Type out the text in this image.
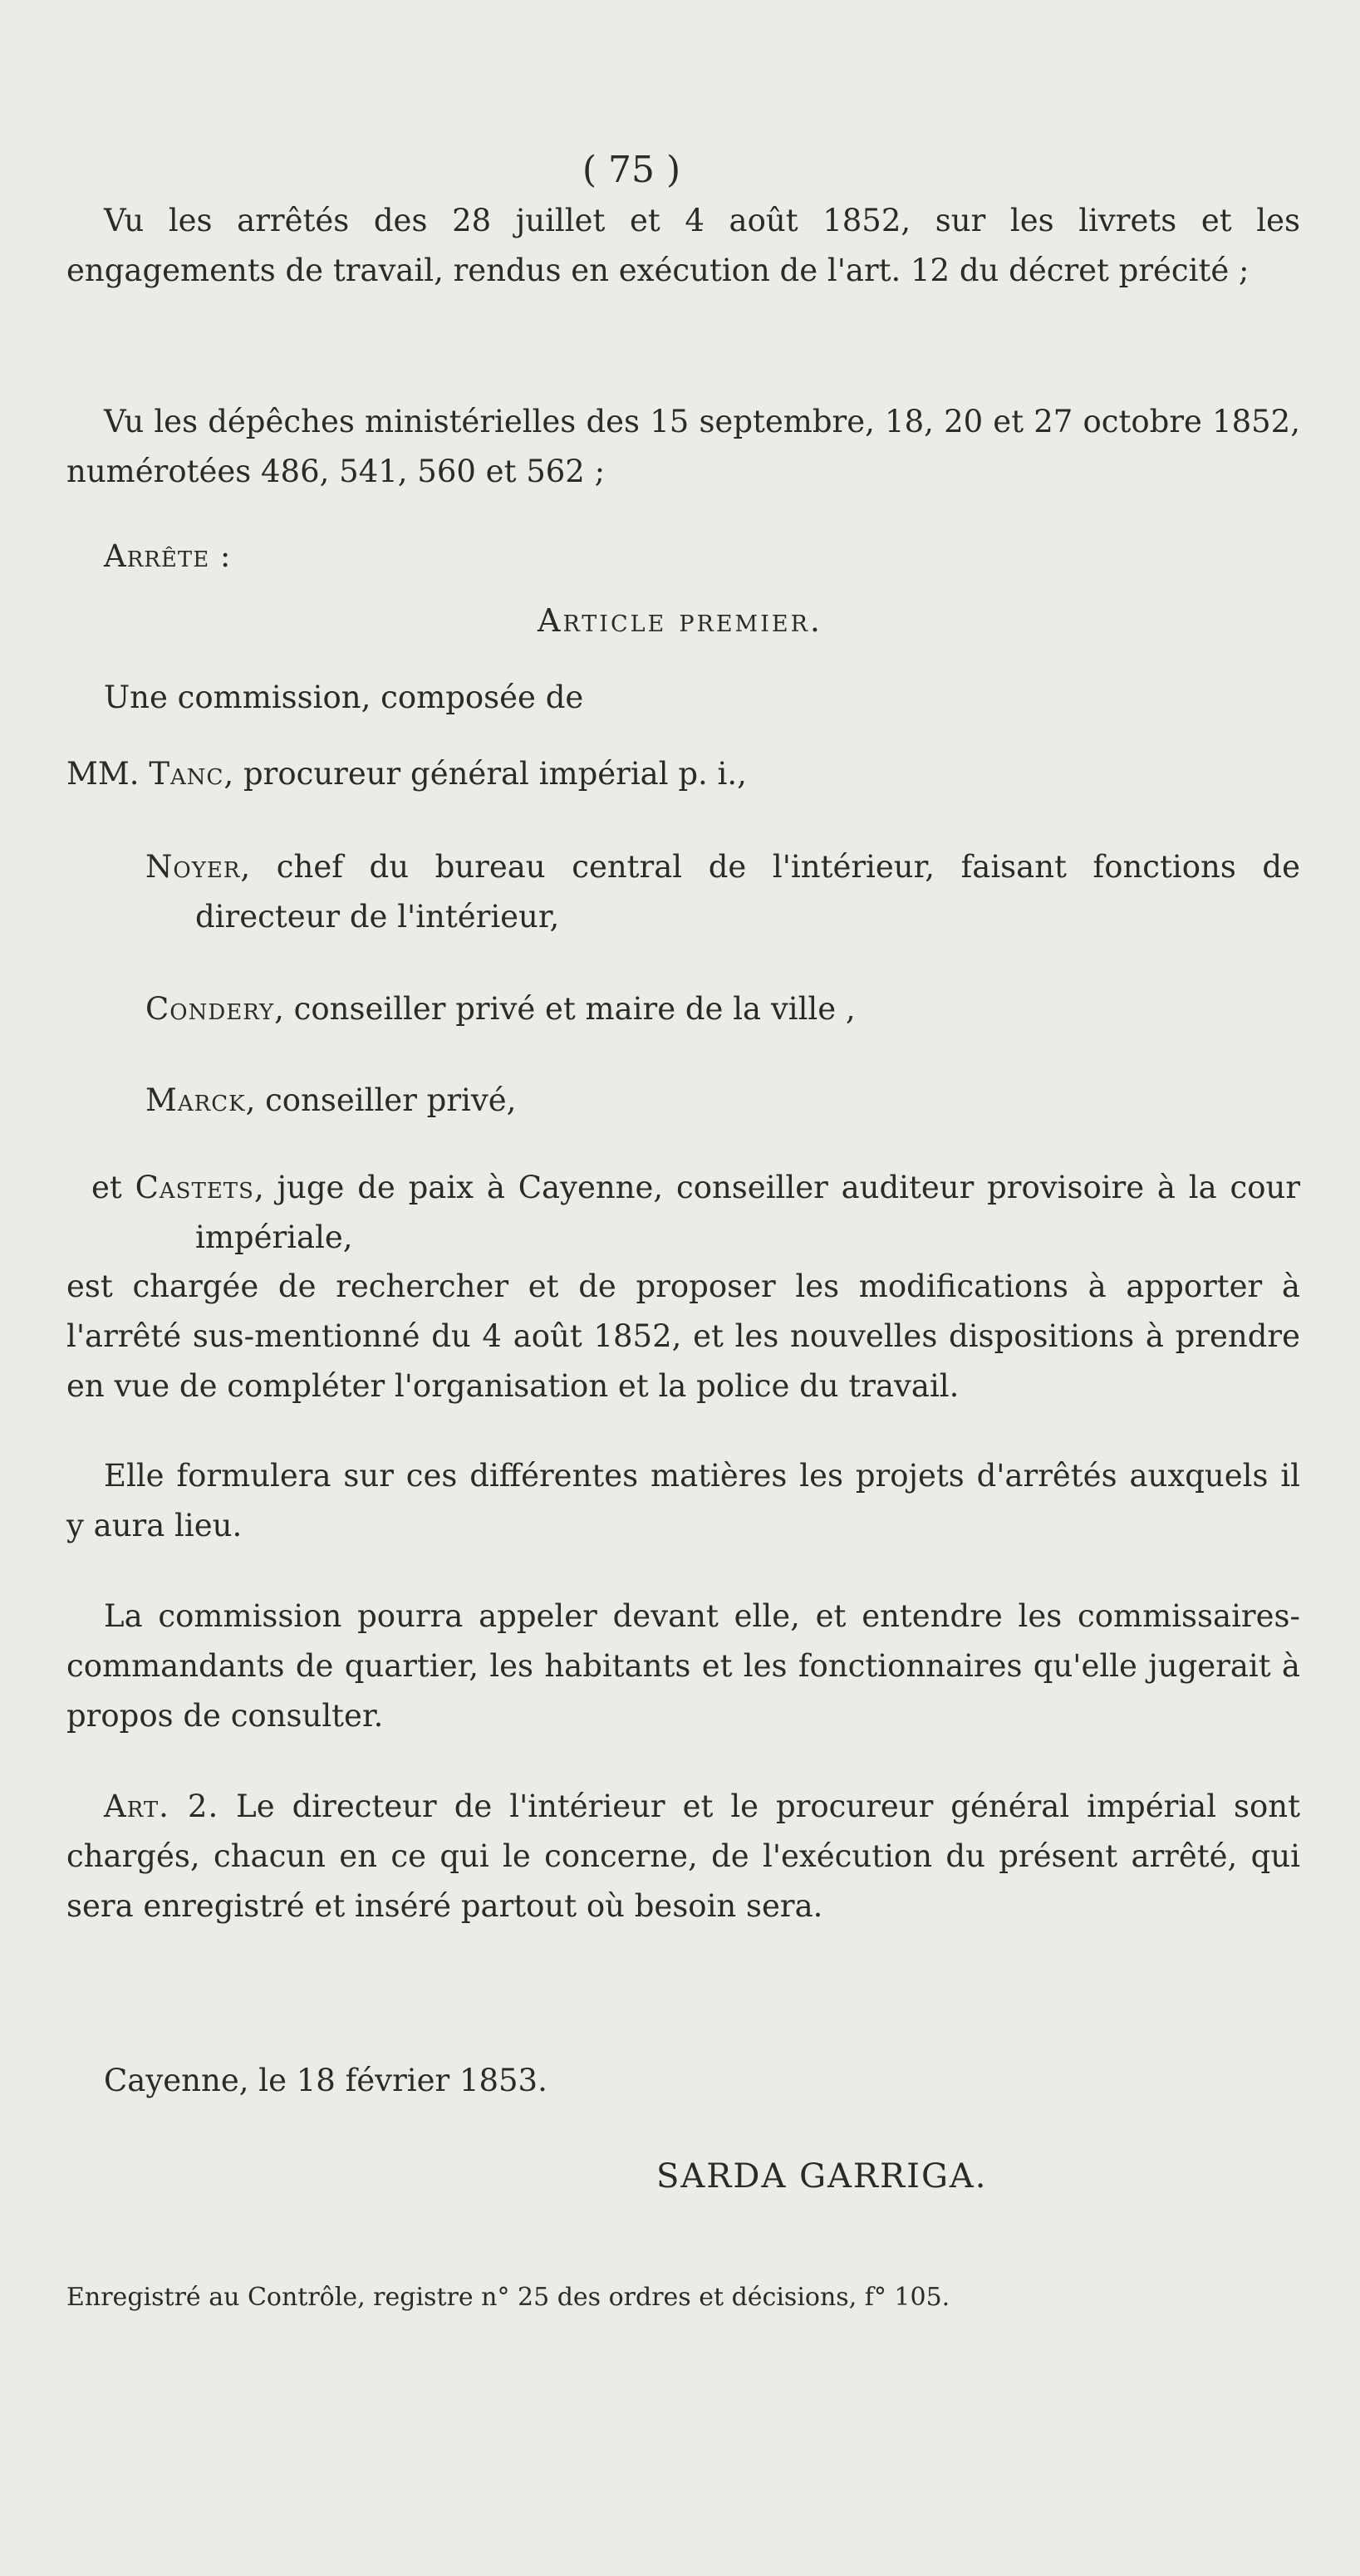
( 75 )

Vu les arrêtés des 28 juillet et 4 août 1852, sur les livrets et les engagements de travail, rendus en exécution de l'art. 12 du décret précité ;

Vu les dépêches ministérielles des 15 septembre, 18, 20 et 27 octobre 1852, numérotées 486, 541, 560 et 562 ;

Arrête :

Article premier.

Une commission, composée de

MM. Tanc, procureur général impérial p. i.,

Noyer, chef du bureau central de l'intérieur, faisant fonctions de directeur de l'intérieur,

Condery, conseiller privé et maire de la ville ,

Marck, conseiller privé,

et Castets, juge de paix à Cayenne, conseiller auditeur provisoire à la cour impériale,

est chargée de rechercher et de proposer les modifications à apporter à l'arrêté sus-mentionné du 4 août 1852, et les nouvelles dispositions à prendre en vue de compléter l'organisation et la police du travail.

Elle formulera sur ces différentes matières les projets d'arrêtés auxquels il y aura lieu.

La commission pourra appeler devant elle, et entendre les commissaires-commandants de quartier, les habitants et les fonctionnaires qu'elle jugerait à propos de consulter.

Art. 2. Le directeur de l'intérieur et le procureur général impérial sont chargés, chacun en ce qui le concerne, de l'exécution du présent arrêté, qui sera enregistré et inséré partout où besoin sera.

Cayenne, le 18 février 1853.

SARDA GARRIGA.
Enregistré au Contrôle, registre n° 25 des ordres et décisions, f° 105.
